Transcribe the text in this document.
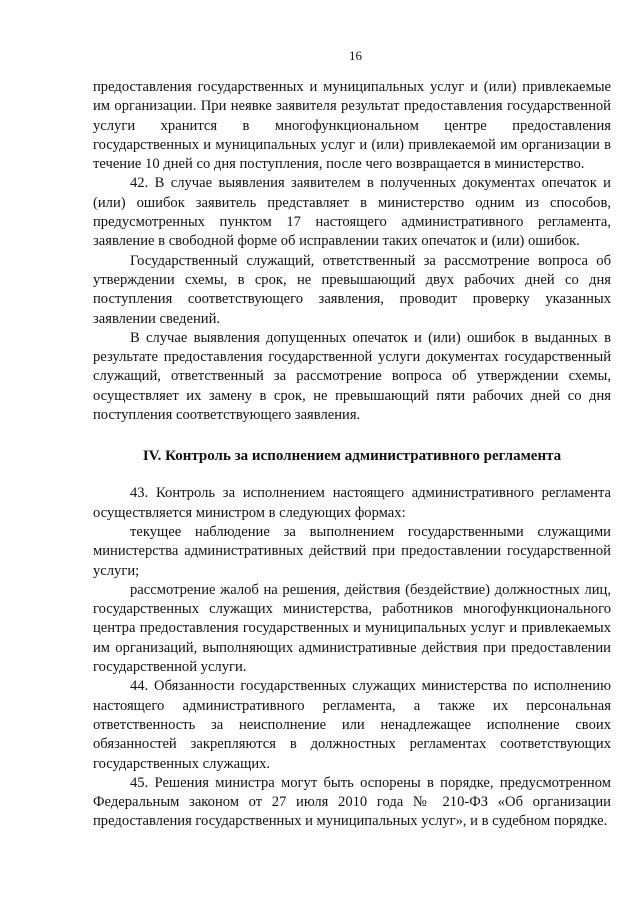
16

предоставления государственных и муниципальных услуг и (или) привлекаемые им организации. При неявке заявителя результат предоставления государственной услуги хранится в многофункциональном центре предоставления государственных и муниципальных услуг и (или) привлекаемой им организации в течение 10 дней со дня поступления, после чего возвращается в министерство.

42. В случае выявления заявителем в полученных документах опечаток и (или) ошибок заявитель представляет в министерство одним из способов, предусмотренных пунктом 17 настоящего административного регламента, заявление в свободной форме об исправлении таких опечаток и (или) ошибок.

Государственный служащий, ответственный за рассмотрение вопроса об утверждении схемы, в срок, не превышающий двух рабочих дней со дня поступления соответствующего заявления, проводит проверку указанных заявлении сведений.

В случае выявления допущенных опечаток и (или) ошибок в выданных в результате предоставления государственной услуги документах государственный служащий, ответственный за рассмотрение вопроса об утверждении схемы, осуществляет их замену в срок, не превышающий пяти рабочих дней со дня поступления соответствующего заявления.

IV. Контроль за исполнением административного регламента

43. Контроль за исполнением настоящего административного регламента осуществляется министром в следующих формах:

текущее наблюдение за выполнением государственными служащими министерства административных действий при предоставлении государственной услуги;

рассмотрение жалоб на решения, действия (бездействие) должностных лиц, государственных служащих министерства, работников многофункционального центра предоставления государственных и муниципальных услуг и привлекаемых им организаций, выполняющих административные действия при предоставлении государственной услуги.

44. Обязанности государственных служащих министерства по исполнению настоящего административного регламента, а также их персональная ответственность за неисполнение или ненадлежащее исполнение своих обязанностей закрепляются в должностных регламентах соответствующих государственных служащих.

45. Решения министра могут быть оспорены в порядке, предусмотренном Федеральным законом от 27 июля 2010 года № 210-ФЗ «Об организации предоставления государственных и муниципальных услуг», и в судебном порядке.
